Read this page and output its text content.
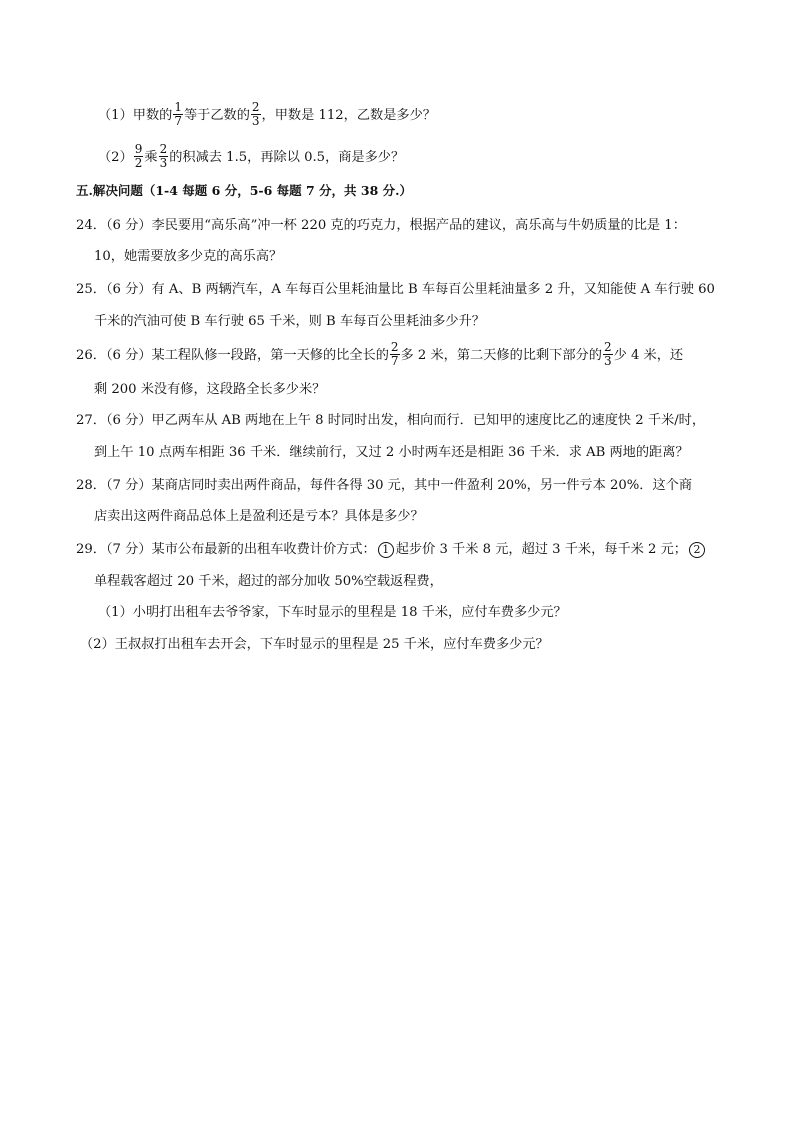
（1）甲数的 $\frac{1}{7}$ 等于乙数的 $\frac{2}{3}$ ，甲数是 112，乙数是多少？
$(2) \frac{9}{2}$ 乘 $\frac{2}{3}$ 的积减去 1.5，再除以 0.5，商是多少？
五.解决问题（1-4 每题 6 分，5-6 每题 7 分，共 38 分.）
24．（6 分）李民要用“高乐高”冲一杯 220 克的巧克力，根据产品的建议，高乐高与牛奶质量的比是 1：
10，她需要放多少克的高乐高？
25．（6 分）有 A、B 两辆汽车，A 车每百公里耗油量比 B 车每百公里耗油量多 2 升，又知能使 A 车行驶 60
千米的汽油可使 B 车行驶 65 千米，则 B 车每百公里耗油多少升？
26．（6 分）某工程队修一段路，第一天修的比全长的 $\frac{2}{7}$ 多 2 米，第二天修的比剩下部分的 $\frac{2}{3}$ 少 4 米，还
剩 200 米没有修，这段路全长多少米？
27．（6 分）甲乙两车从 AB 两地在上午 8 时同时出发，相向而行．已知甲的速度比乙的速度快 2 千米/时，
到上午 10 点两车相距 36 千米．继续前行，又过 2 小时两车还是相距 36 千米．求 AB 两地的距离？
28．（7 分）某商店同时卖出两件商品，每件各得 30 元，其中一件盈利 20%，另一件亏本 20%．这个商
店卖出这两件商品总体上是盈利还是亏本？具体是多少？
29．（7 分）某市公布最新的出租车收费计价方式： 1 起步价 3 千米 8 元，超过 3 千米，每千米 2 元； 2
单程载客超过 20 千米，超过的部分加收 50%空载返程费，
（1）小明打出租车去爷爷家，下车时显示的里程是 18 千米，应付车费多少元？
（2）王叔叔打出租车去开会，下车时显示的里程是 25 千米，应付车费多少元？
